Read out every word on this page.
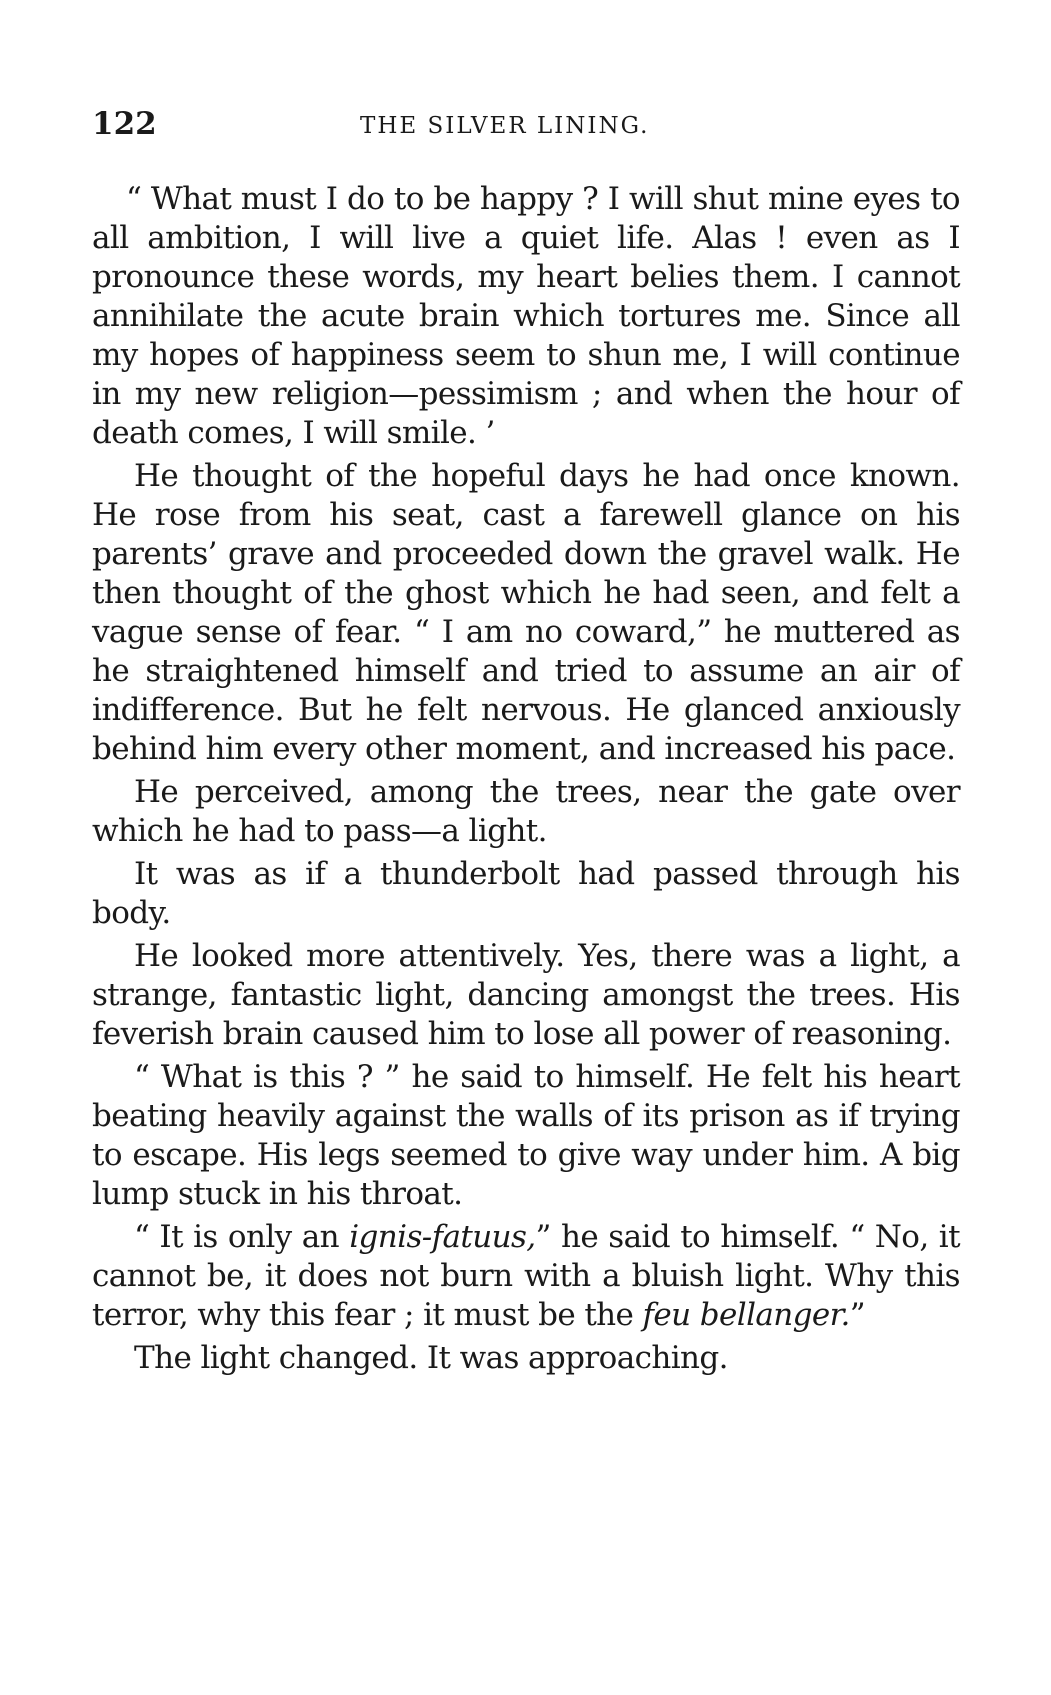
122	THE SILVER LINING.

“ What must I do to be happy ? I will shut mine eyes to all ambition, I will live a quiet life. Alas ! even as I pronounce these words, my heart belies them. I cannot annihilate the acute brain which tortures me. Since all my hopes of happiness seem to shun me, I will continue in my new religion—pessimism ; and when the hour of death comes, I will smile. ’

He thought of the hopeful days he had once known. He rose from his seat, cast a farewell glance on his parents’ grave and proceeded down the gravel walk. He then thought of the ghost which he had seen, and felt a vague sense of fear. “ I am no coward,” he muttered as he straightened himself and tried to assume an air of indifference. But he felt nervous. He glanced anxiously behind him every other moment, and increased his pace.

He perceived, among the trees, near the gate over which he had to pass—a light.

It was as if a thunderbolt had passed through his body.

He looked more attentively. Yes, there was a light, a strange, fantastic light, dancing amongst the trees. His feverish brain caused him to lose all power of reasoning.

“ What is this ? ” he said to himself. He felt his heart beating heavily against the walls of its prison as if trying to escape. His legs seemed to give way under him. A big lump stuck in his throat.

“ It is only an ignis-fatuus,” he said to himself. “ No, it cannot be, it does not burn with a bluish light. Why this terror, why this fear ; it must be the feu bellanger.”

The light changed. It was approaching.
